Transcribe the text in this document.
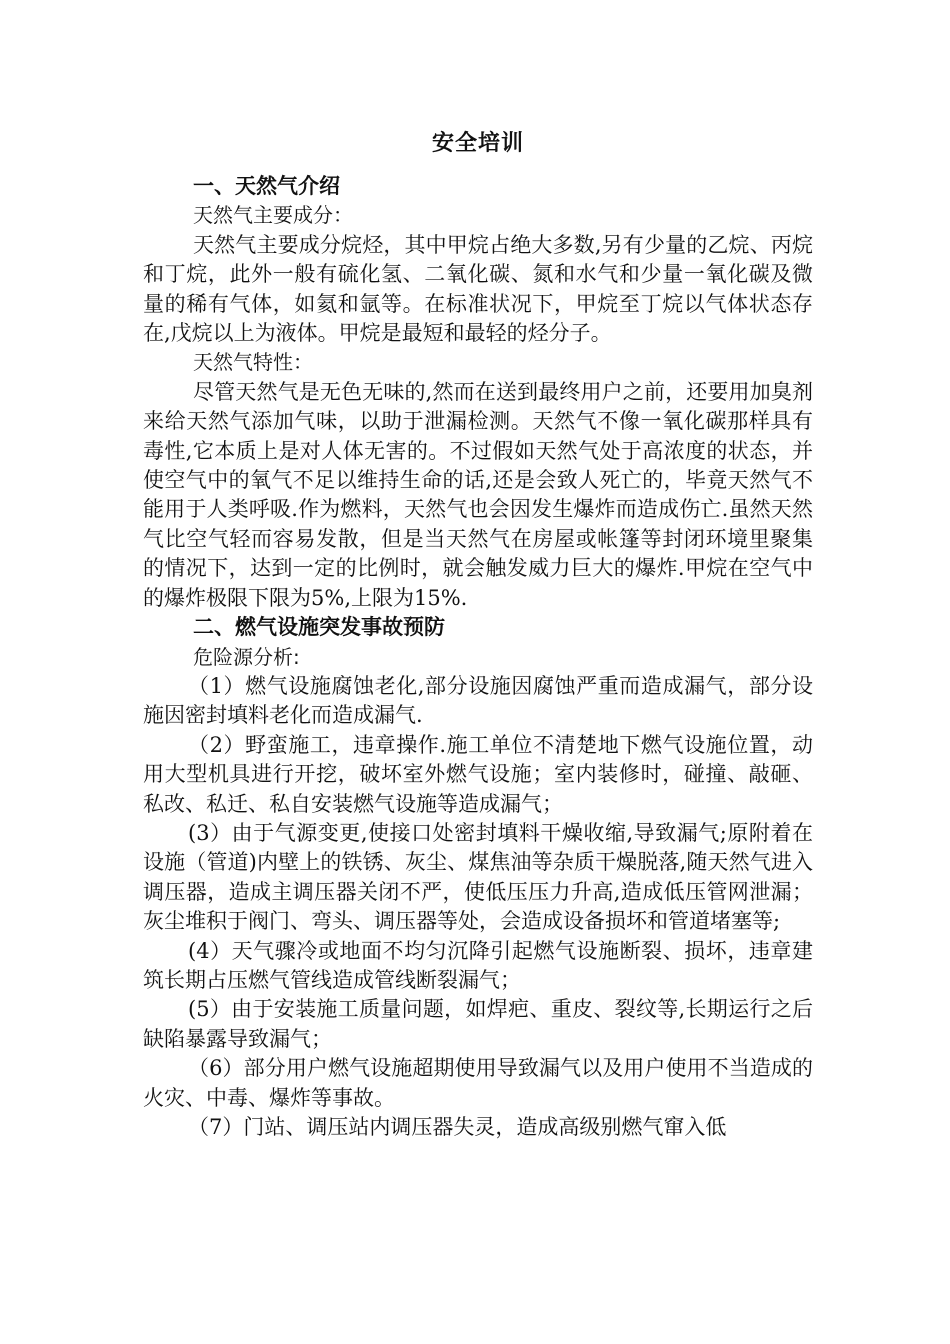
安全培训
一、天然气介绍
天然气主要成分：

天然气主要成分烷烃，其中甲烷占绝大多数,另有少量的乙烷、丙烷和丁烷，此外一般有硫化氢、二氧化碳、氮和水气和少量一氧化碳及微量的稀有气体，如氦和氩等。在标准状况下，甲烷至丁烷以气体状态存在,戊烷以上为液体。甲烷是最短和最轻的烃分子。

天然气特性：

尽管天然气是无色无味的,然而在送到最终用户之前，还要用加臭剂来给天然气添加气味，以助于泄漏检测。天然气不像一氧化碳那样具有毒性,它本质上是对人体无害的。不过假如天然气处于高浓度的状态，并使空气中的氧气不足以维持生命的话,还是会致人死亡的，毕竟天然气不能用于人类呼吸.作为燃料，天然气也会因发生爆炸而造成伤亡.虽然天然气比空气轻而容易发散，但是当天然气在房屋或帐篷等封闭环境里聚集的情况下，达到一定的比例时，就会触发威力巨大的爆炸.甲烷在空气中的爆炸极限下限为5%,上限为15%.

二、燃气设施突发事故预防
危险源分析:

（1）燃气设施腐蚀老化,部分设施因腐蚀严重而造成漏气，部分设施因密封填料老化而造成漏气.

（2）野蛮施工，违章操作.施工单位不清楚地下燃气设施位置，动用大型机具进行开挖，破坏室外燃气设施；室内装修时，碰撞、敲砸、私改、私迁、私自安装燃气设施等造成漏气；

(3）由于气源变更,使接口处密封填料干燥收缩,导致漏气;原附着在设施（管道)内壁上的铁锈、灰尘、煤焦油等杂质干燥脱落,随天然气进入调压器，造成主调压器关闭不严，使低压压力升高,造成低压管网泄漏；灰尘堆积于阀门、弯头、调压器等处，会造成设备损坏和管道堵塞等;

(4）天气骤冷或地面不均匀沉降引起燃气设施断裂、损坏，违章建筑长期占压燃气管线造成管线断裂漏气；

(5）由于安装施工质量问题，如焊疤、重皮、裂纹等,长期运行之后缺陷暴露导致漏气；

（6）部分用户燃气设施超期使用导致漏气以及用户使用不当造成的火灾、中毒、爆炸等事故。

（7）门站、调压站内调压器失灵，造成高级别燃气窜入低
